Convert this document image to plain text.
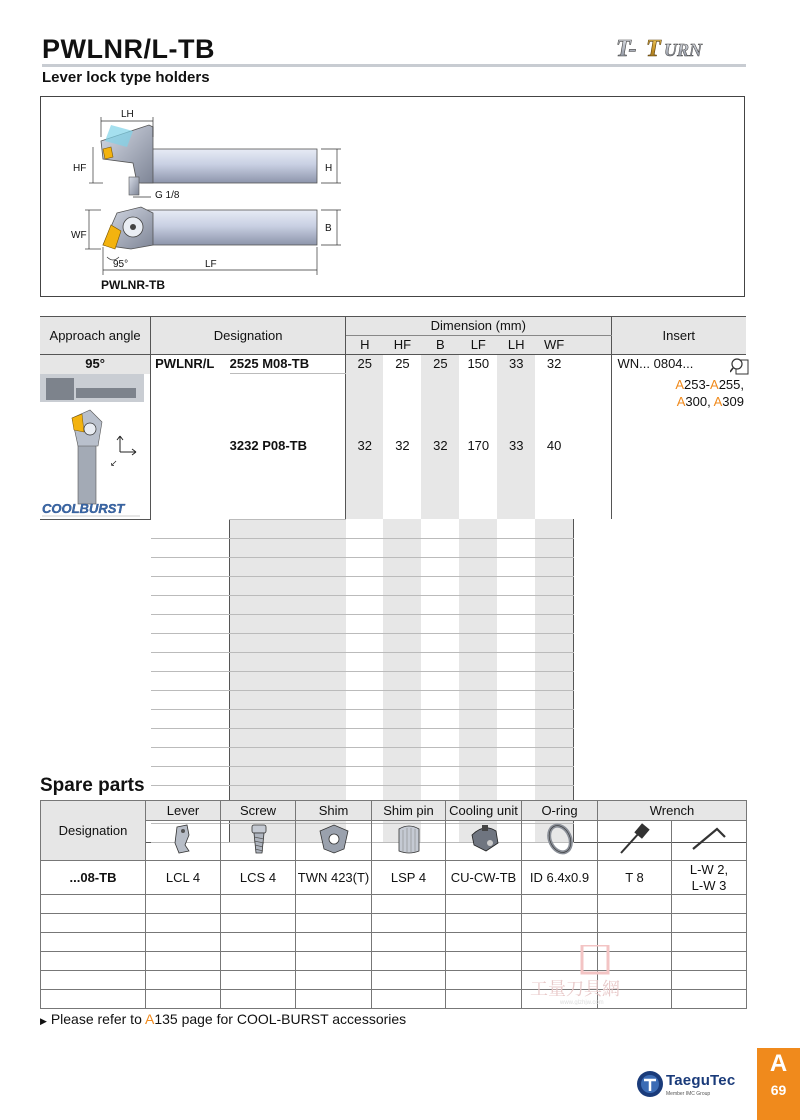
PWLNR/L-TB
Lever lock type holders
T- T URN
LH
HF	H
G 1/8
WF
B
95°	LF
PWLNR-TB
Approach angle	Designation		Dimension (mm)							Insert
			H	HF	B	LF	LH	WF		
95°	PWLNR/L	2525 M08-TB	25	25	25	150	33	32		WN... 0804...
A253-A255,
A300, A309

↙
COOLBURST		3232 P08-TB	32	32	32	170	33	40		

Spare parts
Designation	Lever	Screw	Shim	Shim pin	Cooling unit	O-ring	Wrench	

...08-TB	LCL 4	LCS 4	TWN 423(T)	LSP 4	CU-CW-TB	ID 6.4x0.9	T 8	L-W 2,
L-W 3

工量刀具網
www.glzhjw.com
▶ Please refer to A135 page for COOL-BURST accessories
TaeguTec
Member IMC Group
A
69
